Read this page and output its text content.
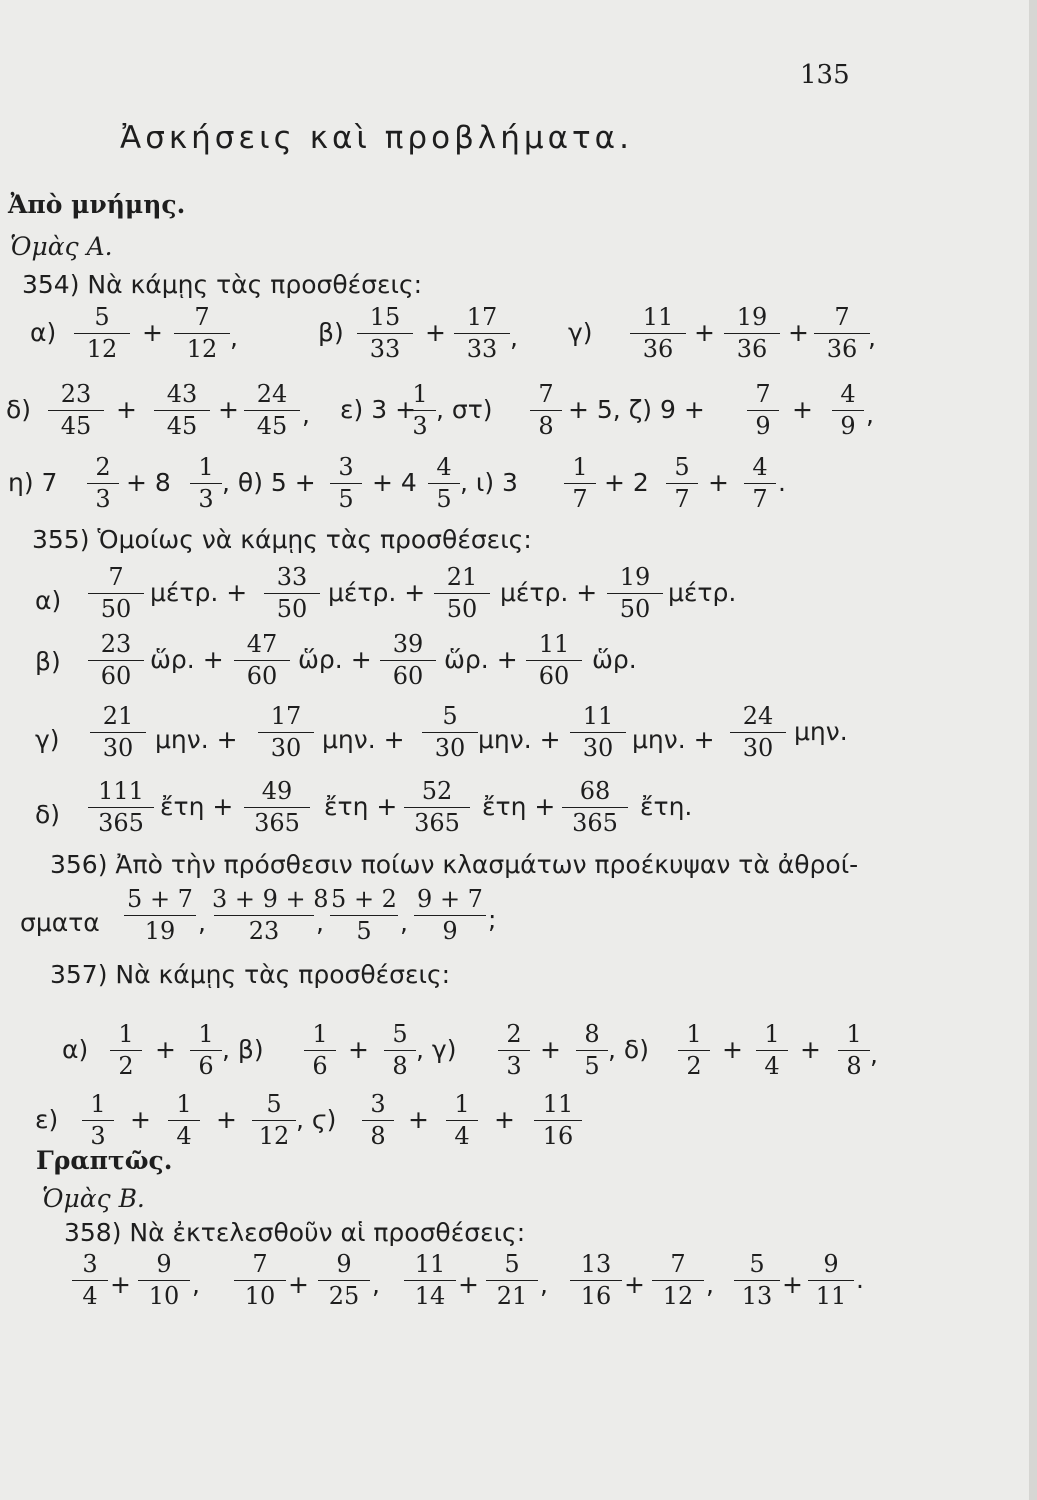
135
Ἀσκήσεις καὶ προβλήματα.
Ἀπὸ μνήμης.
Ὁμὰς Α.
354) Νὰ κάμῃς τὰς προσθέσεις:
α)
5
12
+
7
12 ,	β)
15
33
+
17
33 , γ)
11
36
+
19
36
+
7
36 ,
δ)
23
45
+
43
45
+
24
45 , ε) 3 +
1
3
, στ)
7
8
+ 5, ζ) 9 +
7
9
+
4
9 ,
η) 7
2
3
+ 8
1
3
, θ) 5 +
3
5
+ 4
4
5
, ι) 3
1
7
+ 2
5
7
+
4
7
.
355) Ὁμοίως νὰ κάμῃς τὰς προσθέσεις:
α)
7
50
μέτρ. +
33
50
μέτρ. +
21
50
μέτρ. +
19
50
μέτρ.
β)
23
60
ὥρ. +
47
60
ὥρ. +
39
60
ὥρ. +
11
60
ὥρ.
γ)
21
30 μην. +
17
30 μην. +
5
30 μην. +
11
30 μην. +
24
30
μην.
δ)
111
365
ἔτη +
49
365
ἔτη +
52
365
ἔτη +
68
365
ἔτη.
356) Ἀπὸ τὴν πρόσθεσιν ποίων κλασμάτων προέκυψαν τὰ ἀθροί-
σματα
5 + 7
19 ,
3 + 9 + 8
23	,
5 + 2
5	,
9 + 7
9	;
357) Νὰ κάμῃς τὰς προσθέσεις:
α)
1
2
+
1
6
, β)
1
6
+
5
8
, γ)
2
3
+
8
5
, δ)
1
2
+
1
4
+
1
8 ,
ε)
1
3
+
1
4
+
5
12
, ϛ)
3
8
+
1
4
+
11
16
Γραπτῶς.
Ὁμὰς Β.
358) Νὰ ἐκτελεσθοῦν αἱ προσθέσεις:
3
4 +
9
10 ,
7
10 +
9
25 ,
11
14 +
5
21 ,
13
16 +
7
12 ,
5
13 +
9
11
.
